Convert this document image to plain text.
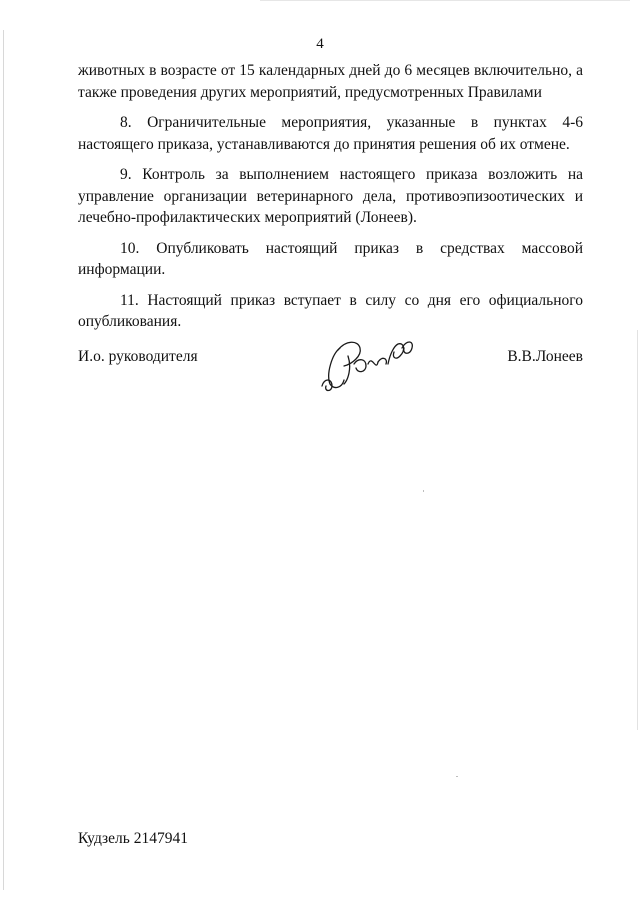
4

животных в возрасте от 15 календарных дней до 6 месяцев включительно, а также проведения других мероприятий, предусмотренных Правилами

8. Ограничительные мероприятия, указанные в пунктах 4-6 настоящего приказа, устанавливаются до принятия решения об их отмене.

9. Контроль за выполнением настоящего приказа возложить на управление организации ветеринарного дела, противоэпизоотических и лечебно-профилактических мероприятий (Лонеев).

10. Опубликовать настоящий приказ в средствах массовой информации.

11. Настоящий приказ вступает в силу со дня его официального опубликования.

И.о. руководителя	В.В.Лонеев
Кудзель 2147941
